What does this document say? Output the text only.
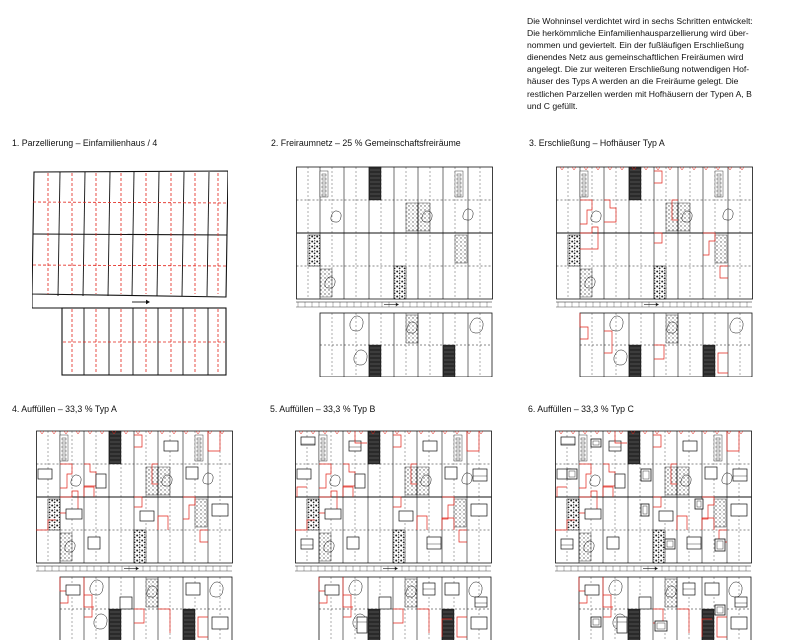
Die Wohninsel verdichtet wird in sechs Schritten entwickelt:
Die herkömmliche Einfamilienhausparzellierung wird über-
nommen und geviertelt. Ein der fußläufigen Erschließung
dienendes Netz aus gemeinschaftlichen Freiräumen wird
angelegt. Die zur weiteren Erschließung notwendigen Hof-
häuser des Typs A werden an die Freiräume gelegt. Die
restlichen Parzellen werden mit Hofhäusern der Typen A, B
und C gefüllt.
1. Parzellierung – Einfamilienhaus / 4	2. Freiraumnetz – 25 % Gemeinschaftsfreiräume	3. Erschließung – Hofhäuser Typ A
4. Auffüllen – 33,3 % Typ A	5. Auffüllen – 33,3 % Typ B	6. Auffüllen – 33,3 % Typ C
